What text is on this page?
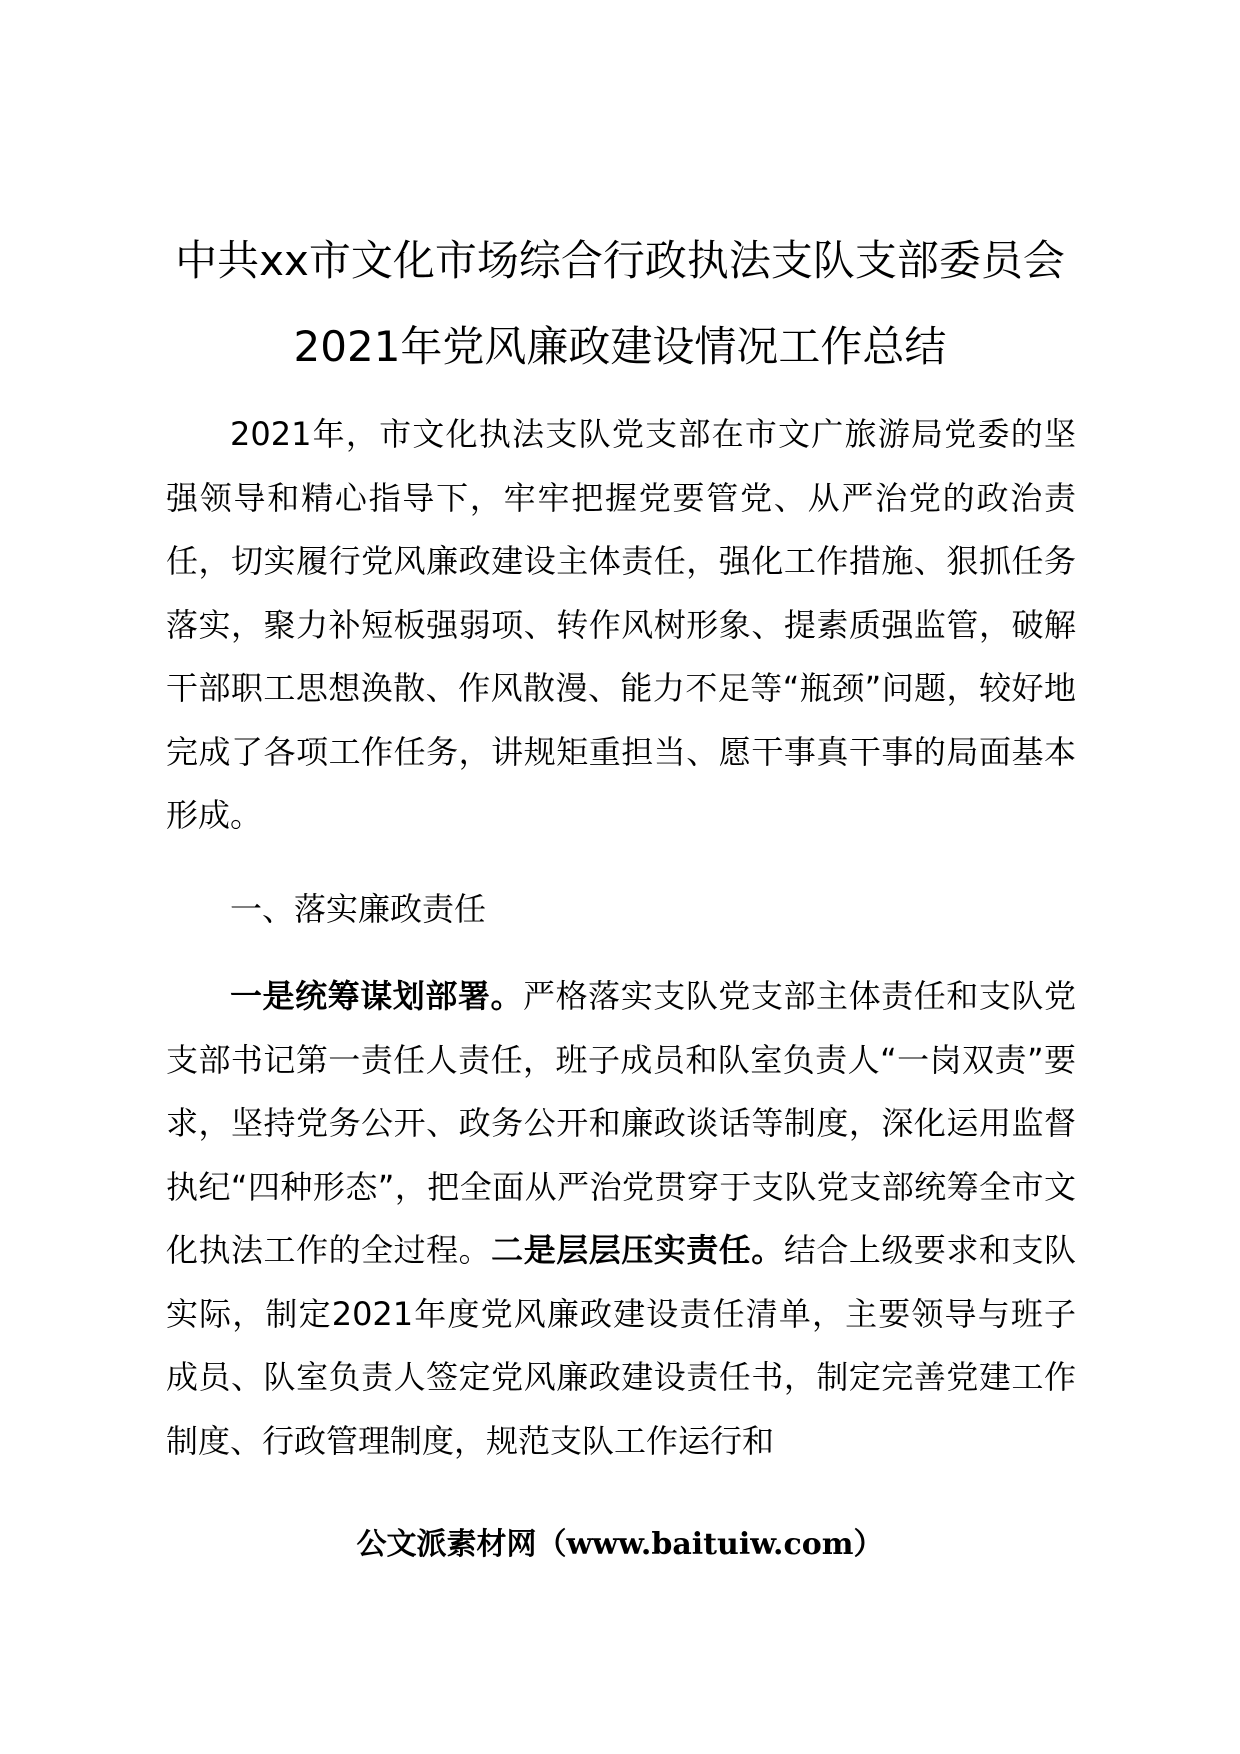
中共xx市文化市场综合行政执法支队支部委员会
2021年党风廉政建设情况工作总结
2021年，市文化执法支队党支部在市文广旅游局党委的坚强领导和精心指导下，牢牢把握党要管党、从严治党的政治责任，切实履行党风廉政建设主体责任，强化工作措施、狠抓任务落实，聚力补短板强弱项、转作风树形象、提素质强监管，破解干部职工思想涣散、作风散漫、能力不足等“瓶颈”问题，较好地完成了各项工作任务，讲规矩重担当、愿干事真干事的局面基本形成。
一、落实廉政责任
一是统筹谋划部署。严格落实支队党支部主体责任和支队党支部书记第一责任人责任，班子成员和队室负责人“一岗双责”要求，坚持党务公开、政务公开和廉政谈话等制度，深化运用监督执纪“四种形态”，把全面从严治党贯穿于支队党支部统筹全市文化执法工作的全过程。二是层层压实责任。结合上级要求和支队实际，制定2021年度党风廉政建设责任清单，主要领导与班子成员、队室负责人签定党风廉政建设责任书，制定完善党建工作制度、行政管理制度，规范支队工作运行和
公文派素材网（www.baituiw.com）
